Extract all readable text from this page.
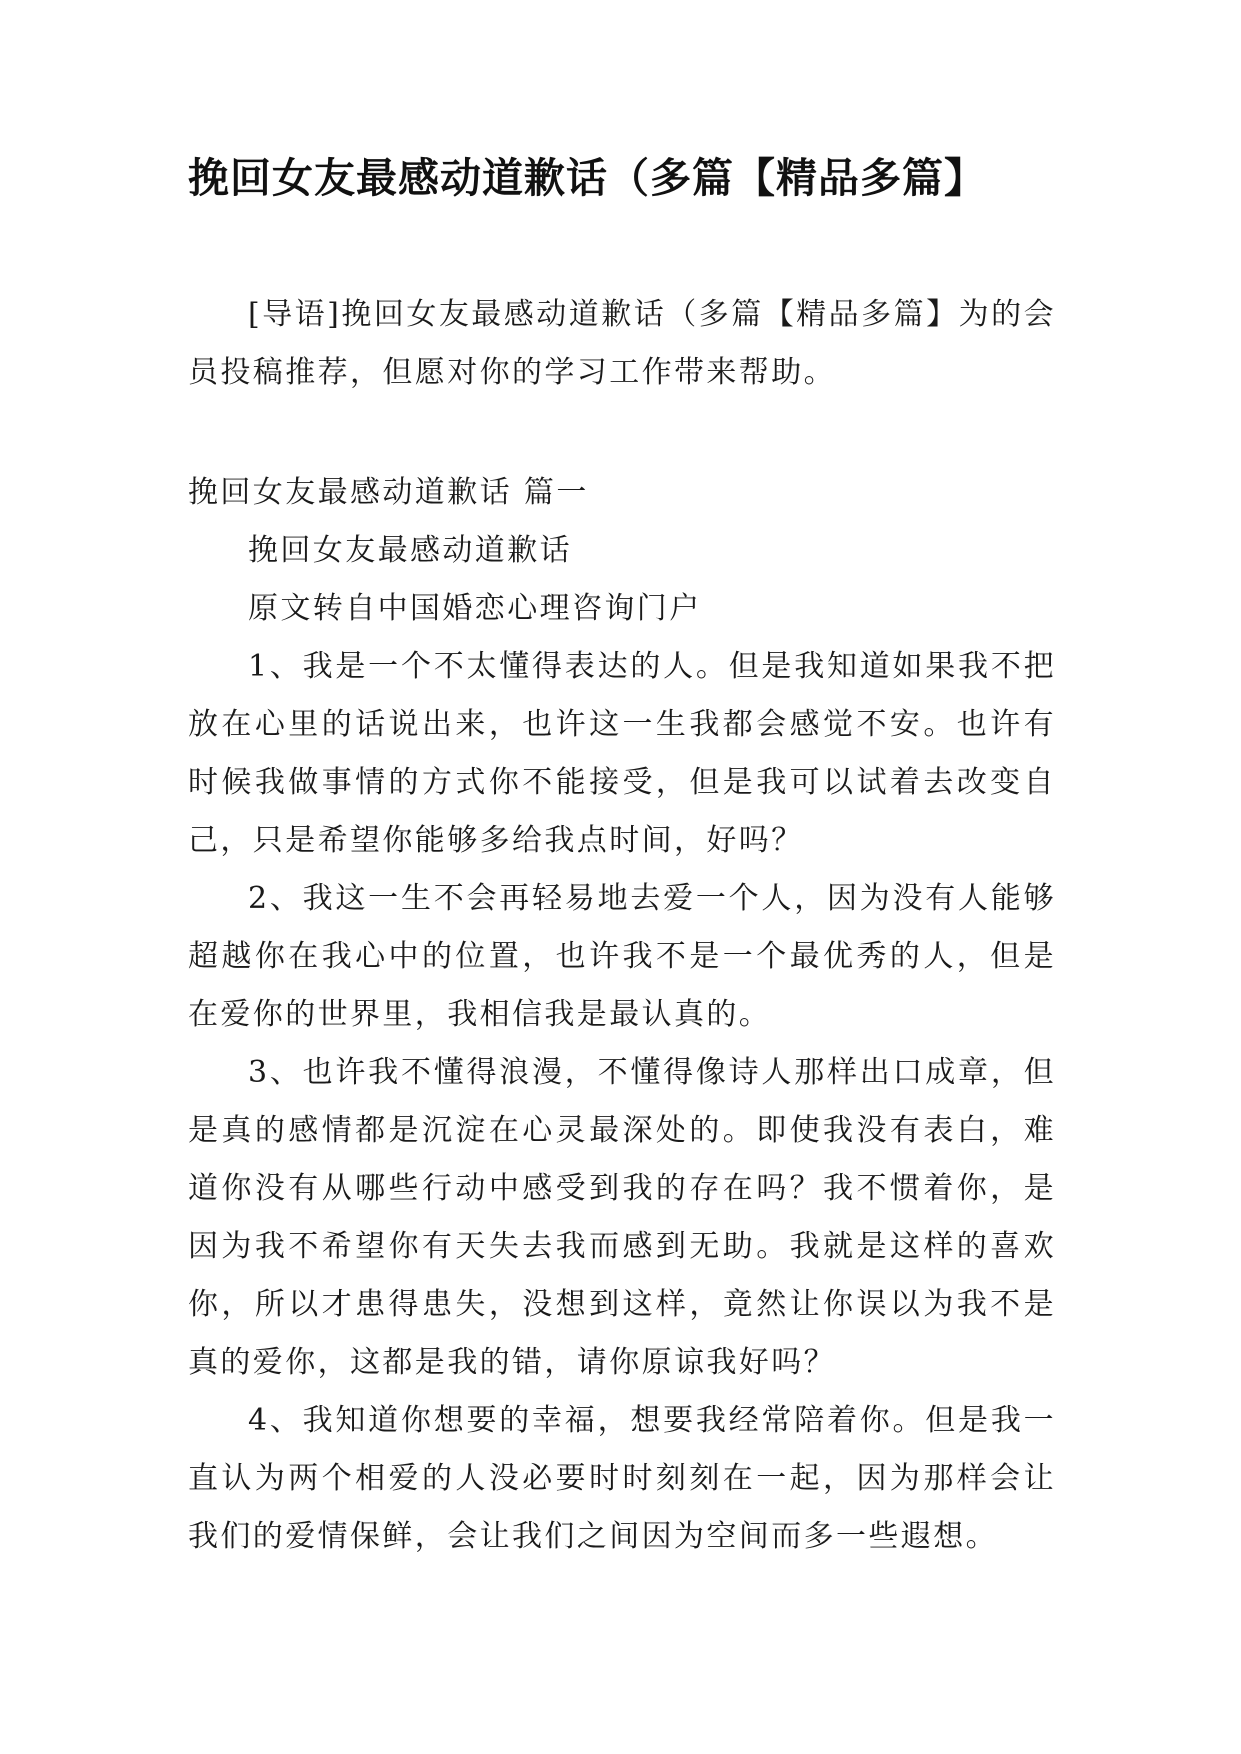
挽回女友最感动道歉话（多篇【精品多篇】

[导语]挽回女友最感动道歉话（多篇【精品多篇】为的会员投稿推荐，但愿对你的学习工作带来帮助。

挽回女友最感动道歉话 篇一

挽回女友最感动道歉话

原文转自中国婚恋心理咨询门户

1、我是一个不太懂得表达的人。但是我知道如果我不把放在心里的话说出来，也许这一生我都会感觉不安。也许有时候我做事情的方式你不能接受，但是我可以试着去改变自己，只是希望你能够多给我点时间，好吗？

2、我这一生不会再轻易地去爱一个人，因为没有人能够超越你在我心中的位置，也许我不是一个最优秀的人，但是在爱你的世界里，我相信我是最认真的。

3、也许我不懂得浪漫，不懂得像诗人那样出口成章，但是真的感情都是沉淀在心灵最深处的。即使我没有表白，难道你没有从哪些行动中感受到我的存在吗？我不惯着你，是因为我不希望你有天失去我而感到无助。我就是这样的喜欢你，所以才患得患失，没想到这样，竟然让你误以为我不是真的爱你，这都是我的错，请你原谅我好吗？

4、我知道你想要的幸福，想要我经常陪着你。但是我一直认为两个相爱的人没必要时时刻刻在一起，因为那样会让我们的爱情保鲜，会让我们之间因为空间而多一些遐想。
